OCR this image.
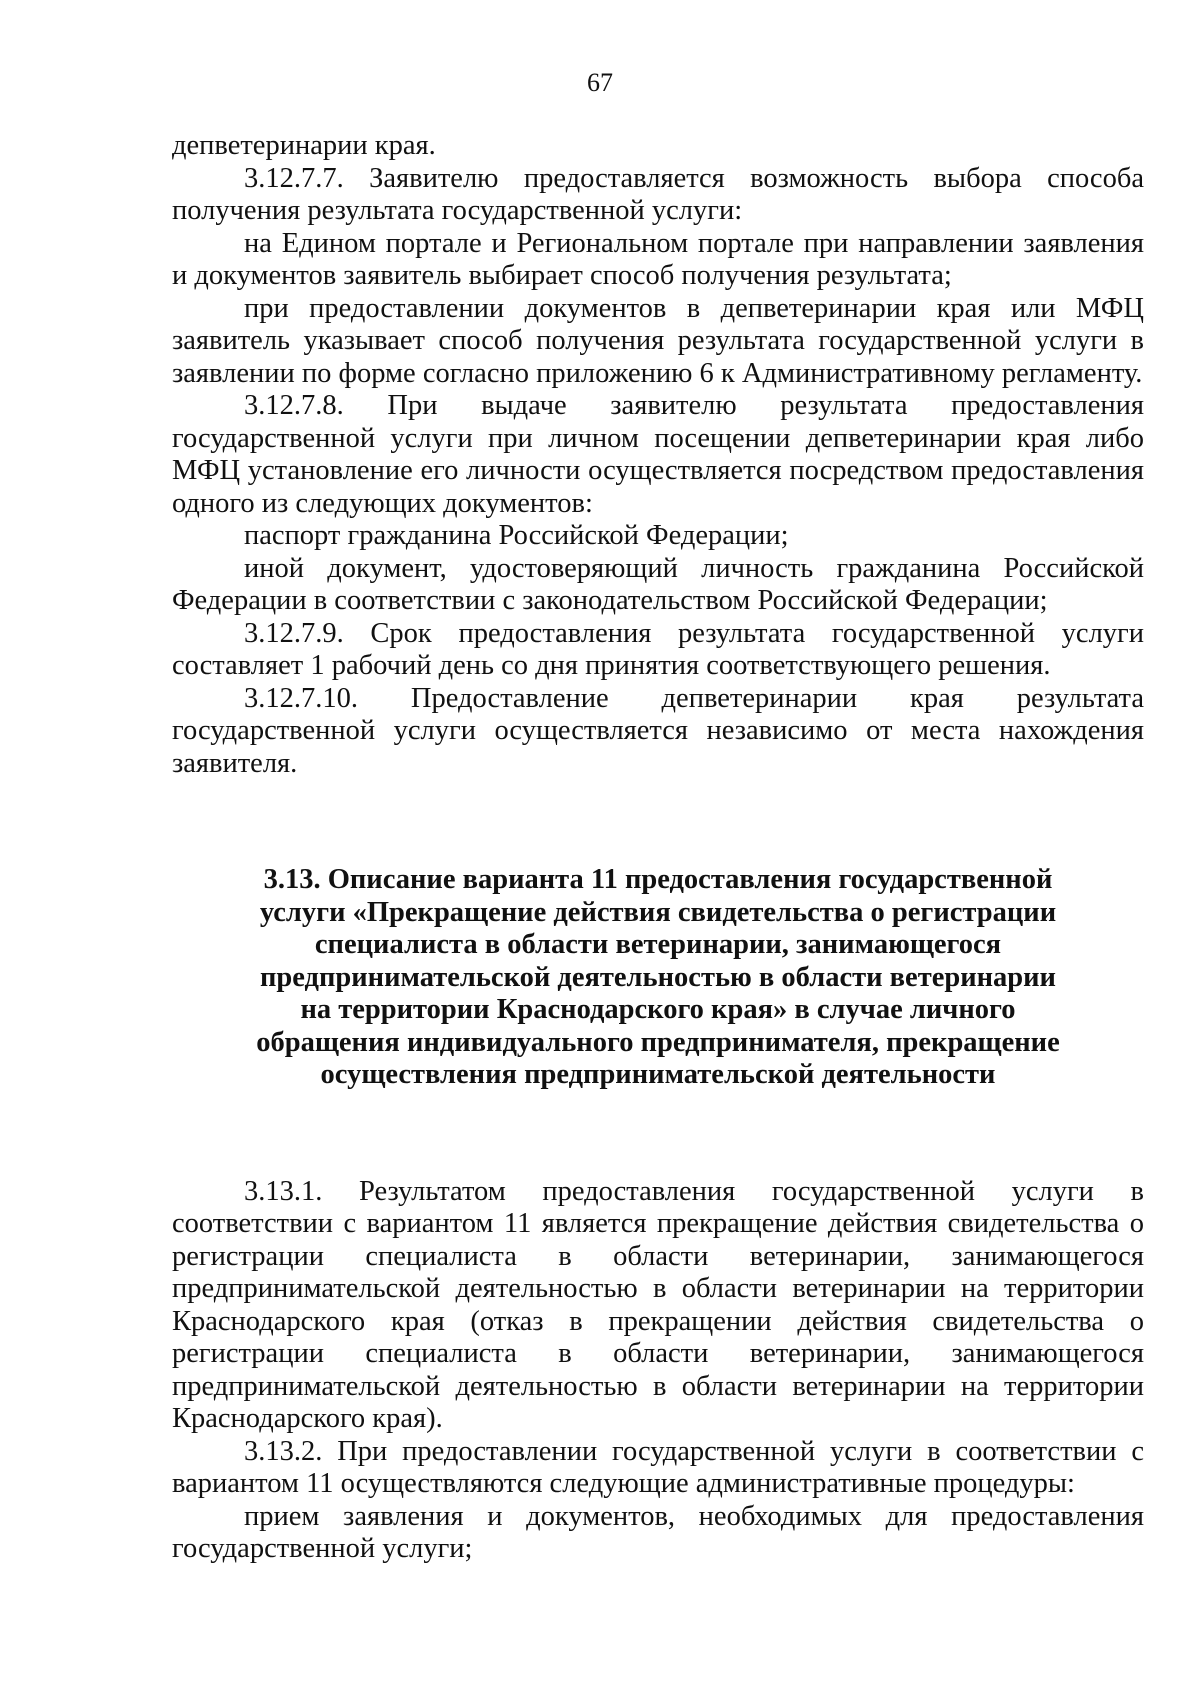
67

депветеринарии края.

3.12.7.7. Заявителю предоставляется возможность выбора способа получения результата государственной услуги:

на Едином портале и Региональном портале при направлении заявления и документов заявитель выбирает способ получения результата;

при предоставлении документов в депветеринарии края или МФЦ заявитель указывает способ получения результата государственной услуги в заявлении по форме согласно приложению 6 к Административному регламенту.

3.12.7.8. При выдаче заявителю результата предоставления государственной услуги при личном посещении депветеринарии края либо МФЦ установление его личности осуществляется посредством предоставления одного из следующих документов:

паспорт гражданина Российской Федерации;

иной документ, удостоверяющий личность гражданина Российской Федерации в соответствии с законодательством Российской Федерации;

3.12.7.9. Срок предоставления результата государственной услуги составляет 1 рабочий день со дня принятия соответствующего решения.

3.12.7.10. Предоставление депветеринарии края результата государственной услуги осуществляется независимо от места нахождения заявителя.

3.13. Описание варианта 11 предоставления государственной услуги «Прекращение действия свидетельства о регистрации специалиста в области ветеринарии, занимающегося предпринимательской деятельностью в области ветеринарии на территории Краснодарского края» в случае личного обращения индивидуального предпринимателя, прекращение осуществления предпринимательской деятельности

3.13.1. Результатом предоставления государственной услуги в соответствии с вариантом 11 является прекращение действия свидетельства о регистрации специалиста в области ветеринарии, занимающегося предпринимательской деятельностью в области ветеринарии на территории Краснодарского края (отказ в прекращении действия свидетельства о регистрации специалиста в области ветеринарии, занимающегося предпринимательской деятельностью в области ветеринарии на территории Краснодарского края).

3.13.2. При предоставлении государственной услуги в соответствии с вариантом 11 осуществляются следующие административные процедуры:

прием заявления и документов, необходимых для предоставления государственной услуги;
